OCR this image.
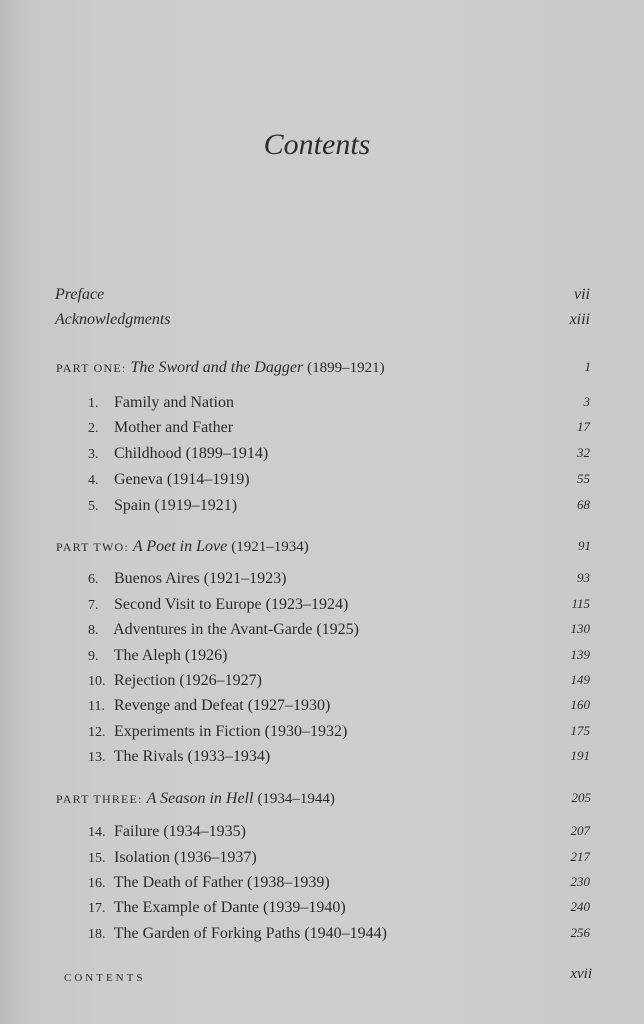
Contents
Preface	vii
Acknowledgments	xiii
PART ONE: The Sword and the Dagger (1899–1921)	1
1. Family and Nation	3
2. Mother and Father	17
3. Childhood (1899–1914)	32
4. Geneva (1914–1919)	55
5. Spain (1919–1921)	68
PART TWO: A Poet in Love (1921–1934)	91
6. Buenos Aires (1921–1923)	93
7. Second Visit to Europe (1923–1924)	115
8. Adventures in the Avant-Garde (1925)	130
9. The Aleph (1926)	139
10. Rejection (1926–1927)	149
11. Revenge and Defeat (1927–1930)	160
12. Experiments in Fiction (1930–1932)	175
13. The Rivals (1933–1934)	191
PART THREE: A Season in Hell (1934–1944)	205
14. Failure (1934–1935)	207
15. Isolation (1936–1937)	217
16. The Death of Father (1938–1939)	230
17. The Example of Dante (1939–1940)	240
18. The Garden of Forking Paths (1940–1944)	256
CONTENTS	xvii
